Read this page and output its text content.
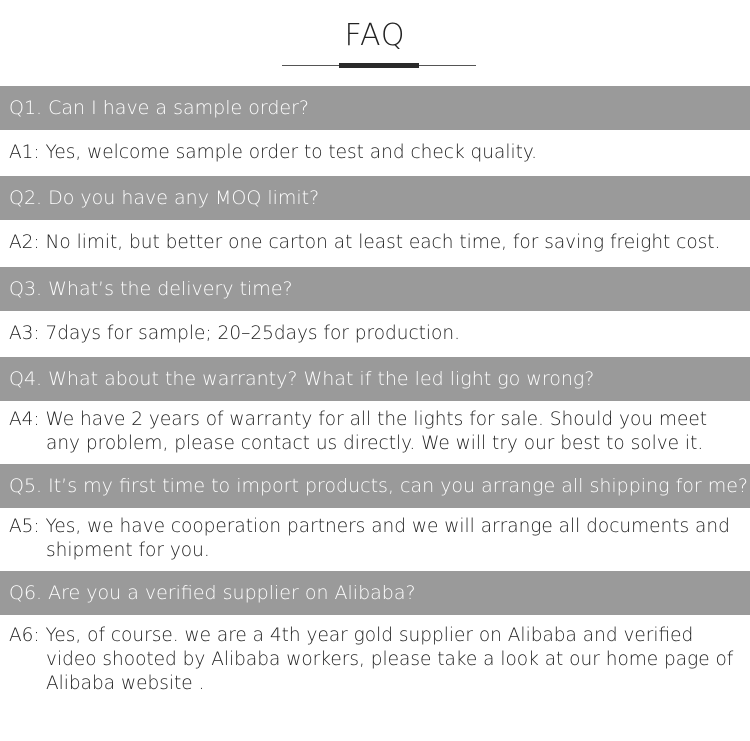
FAQ
Q1. Can I have a sample order?
A1: Yes, welcome sample order to test and check quality.
Q2. Do you have any MOQ limit?
A2: No limit, but better one carton at least each time, for saving freight cost.
Q3. What’s the delivery time?
A3: 7days for sample; 20–25days for production.
Q4. What about the warranty? What if the led light go wrong?
A4: We have 2 years of warranty for all the lights for sale. Should you meet
any problem, please contact us directly. We will try our best to solve it.
Q5. It’s my first time to import products, can you arrange all shipping for me?
A5: Yes, we have cooperation partners and we will arrange all documents and
shipment for you.
Q6. Are you a verified supplier on Alibaba?
A6: Yes, of course. we are a 4th year gold supplier on Alibaba and verified
video shooted by Alibaba workers, please take a look at our home page of
Alibaba website .
